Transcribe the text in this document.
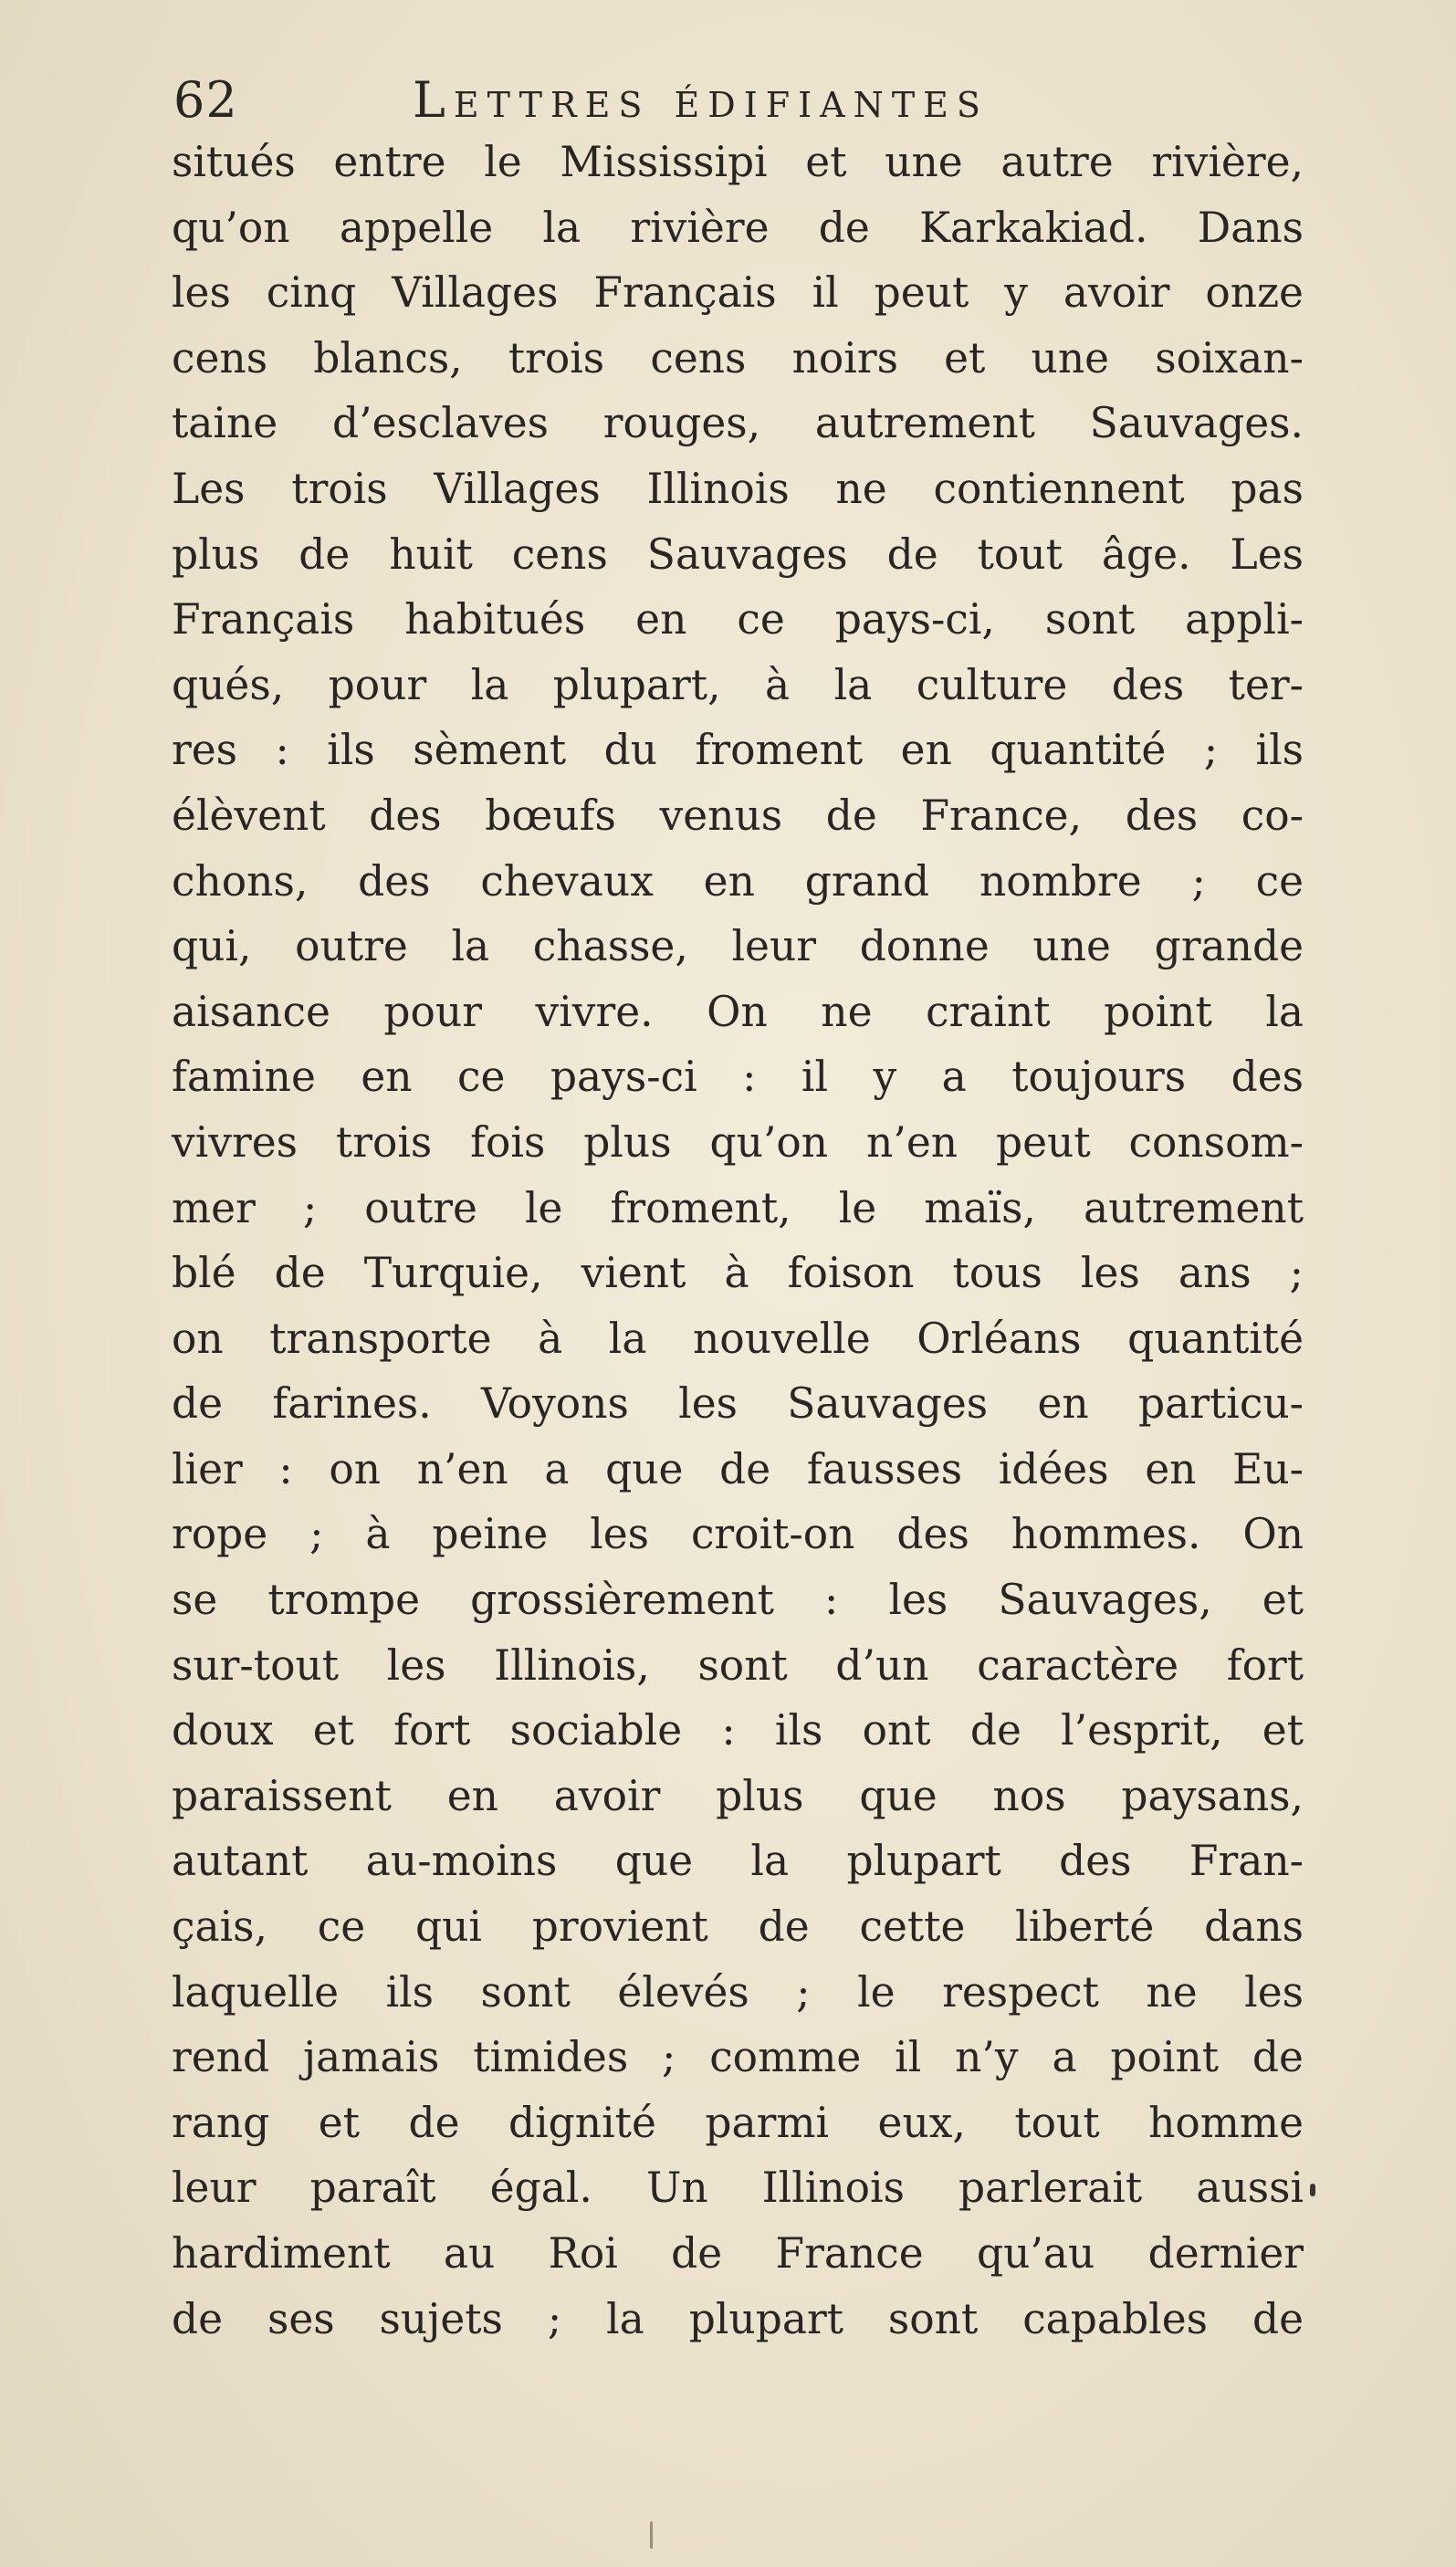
62	Lettres édifiantes
situés entre le Mississipi et une autre rivière,
qu’on appelle la rivière de Karkakiad. Dans
les cinq Villages Français il peut y avoir onze
cens blancs, trois cens noirs et une soixan-
taine d’esclaves rouges, autrement Sauvages.
Les trois Villages Illinois ne contiennent pas
plus de huit cens Sauvages de tout âge. Les
Français habitués en ce pays-ci, sont appli-
qués, pour la plupart, à la culture des ter-
res : ils sèment du froment en quantité ; ils
élèvent des bœufs venus de France, des co-
chons, des chevaux en grand nombre ; ce
qui, outre la chasse, leur donne une grande
aisance pour vivre. On ne craint point la
famine en ce pays-ci : il y a toujours des
vivres trois fois plus qu’on n’en peut consom-
mer ; outre le froment, le maïs, autrement
blé de Turquie, vient à foison tous les ans ;
on transporte à la nouvelle Orléans quantité
de farines. Voyons les Sauvages en particu-
lier : on n’en a que de fausses idées en Eu-
rope ; à peine les croit-on des hommes. On
se trompe grossièrement : les Sauvages, et
sur-tout les Illinois, sont d’un caractère fort
doux et fort sociable : ils ont de l’esprit, et
paraissent en avoir plus que nos paysans,
autant au-moins que la plupart des Fran-
çais, ce qui provient de cette liberté dans
laquelle ils sont élevés ; le respect ne les
rend jamais timides ; comme il n’y a point de
rang et de dignité parmi eux, tout homme
leur paraît égal. Un Illinois parlerait aussi
hardiment au Roi de France qu’au dernier
de ses sujets ; la plupart sont capables de
